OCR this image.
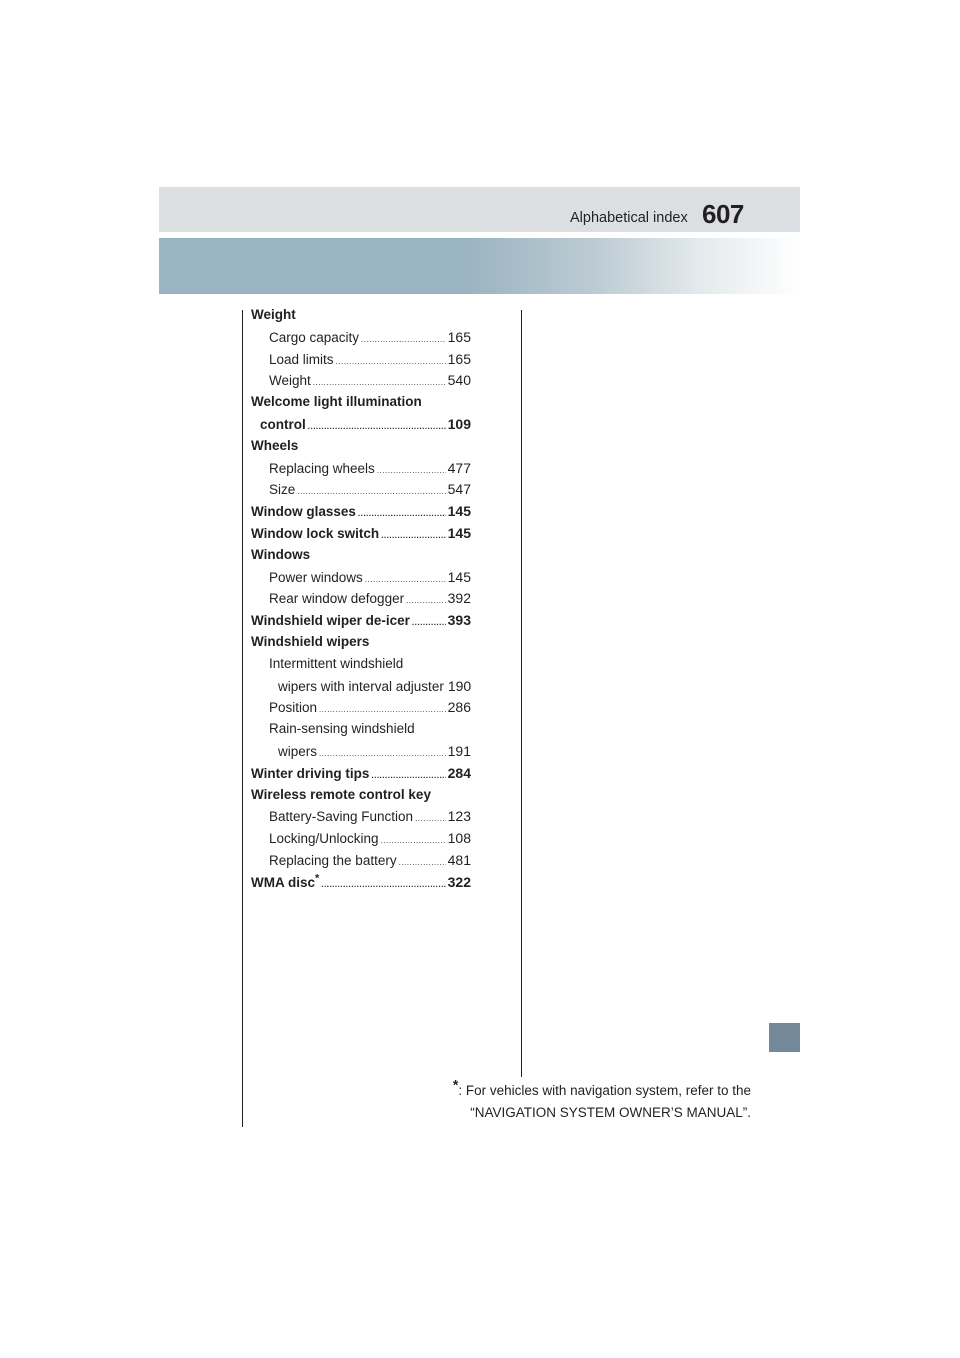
Alphabetical index 607
Weight
Cargo capacity .....	165
Load limits .....	165
Weight .....	540
Welcome light illumination
control .....	109
Wheels
Replacing wheels .....	477
Size .....	547
Window glasses .....	145
Window lock switch .....	145
Windows
Power windows .....	145
Rear window defogger .....	392
Windshield wiper de-icer .....	393
Windshield wipers
Intermittent windshield
wipers with interval adjuster 190
Position .....	286
Rain-sensing windshield
wipers .....	191
Winter driving tips .....	284
Wireless remote control key
Battery-Saving Function ..... 123
Locking/Unlocking .....	108
Replacing the battery .....	481
WMA disc* .....	322
*: For vehicles with navigation system, refer to the
“NAVIGATION SYSTEM OWNER’S MANUAL”.
